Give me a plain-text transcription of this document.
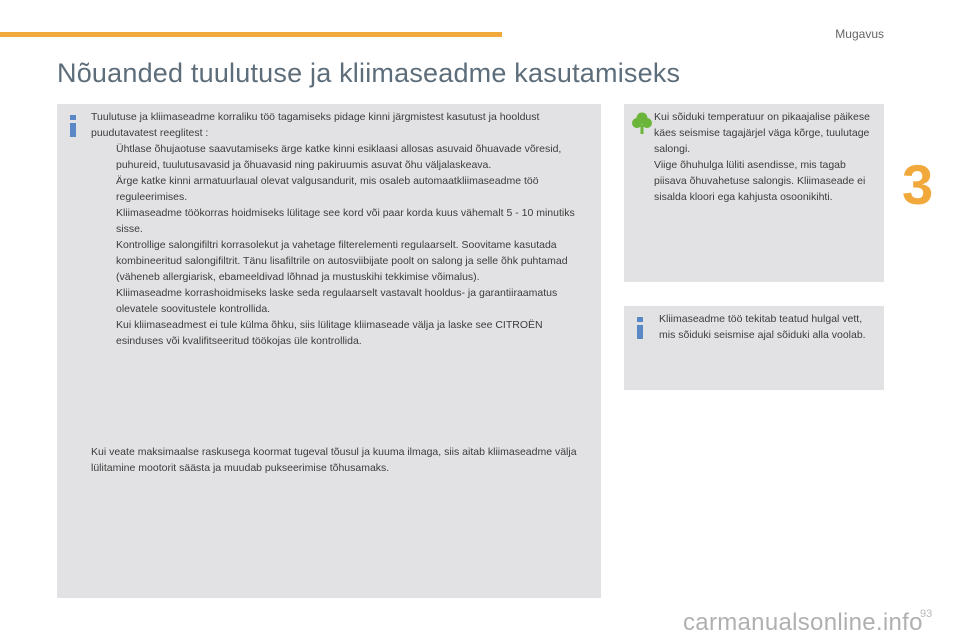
Mugavus
Nõuanded tuulutuse ja kliimaseadme kasutamiseks
3
Tuulutuse ja kliimaseadme korraliku töö tagamiseks pidage kinni järgmistest kasutust ja hooldust puudutavatest reeglitest :
Ühtlase õhujaotuse saavutamiseks ärge katke kinni esiklaasi allosas asuvaid õhuavade võresid, puhureid, tuulutusavasid ja õhuavasid ning pakiruumis asuvat õhu väljalaskeava.
Ärge katke kinni armatuurlaual olevat valgusandurit, mis osaleb automaatkliimaseadme töö reguleerimises.
Kliimaseadme töökorras hoidmiseks lülitage see kord või paar korda kuus vähemalt 5 - 10 minutiks sisse.
Kontrollige salongifiltri korrasolekut ja vahetage filterelementi regulaarselt. Soovitame kasutada kombineeritud salongifiltrit. Tänu lisafiltrile on autosviibijate poolt on salong ja selle õhk puhtamad (väheneb allergiarisk, ebameeldivad lõhnad ja mustuskihi tekkimise võimalus).
Kliimaseadme korrashoidmiseks laske seda regulaarselt vastavalt hooldus- ja garantiiraamatus olevatele soovitustele kontrollida.
Kui kliimaseadmest ei tule külma õhku, siis lülitage kliimaseade välja ja laske see CITROËN esinduses või kvalifitseeritud töökojas üle kontrollida.
Kui veate maksimaalse raskusega koormat tugeval tõusul ja kuuma ilmaga, siis aitab kliimaseadme välja lülitamine mootorit säästa ja muudab pukseerimise tõhusamaks.
Kui sõiduki temperatuur on pikaajalise päikese käes seismise tagajärjel väga kõrge, tuulutage salongi.
Viige õhuhulga lüliti asendisse, mis tagab piisava õhuvahetuse salongis. Kliimaseade ei sisalda kloori ega kahjusta osoonikihti.
Kliimaseadme töö tekitab teatud hulgal vett, mis sõiduki seismise ajal sõiduki alla voolab.
carmanualsonline.info
93
